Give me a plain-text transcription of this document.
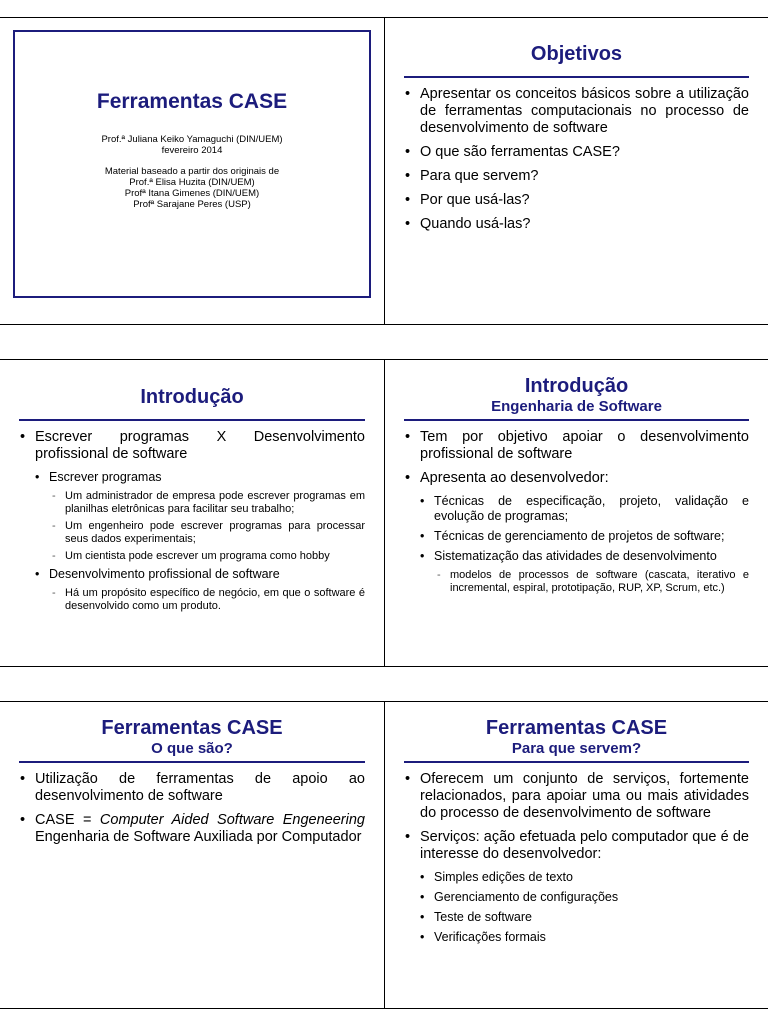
Ferramentas CASE
Prof.ª Juliana Keiko Yamaguchi (DIN/UEM)
fevereiro 2014
Material baseado a partir dos originais de
Prof.ª Elisa Huzita (DIN/UEM)
Profª Itana Gimenes (DIN/UEM)
Profª Sarajane Peres (USP)
Objetivos
• Apresentar os conceitos básicos sobre a utilização de ferramentas computacionais no processo de desenvolvimento de software
• O que são ferramentas CASE?
• Para que servem?
• Por que usá-las?
• Quando usá-las?
Introdução
• Escrever programas X Desenvolvimento profissional de software
• Escrever programas
- Um administrador de empresa pode escrever programas em planilhas eletrônicas para facilitar seu trabalho;
- Um engenheiro pode escrever programas para processar seus dados experimentais;
- Um cientista pode escrever um programa como hobby
• Desenvolvimento profissional de software
- Há um propósito específico de negócio, em que o software é desenvolvido como um produto.
Introdução
Engenharia de Software
• Tem por objetivo apoiar o desenvolvimento profissional de software
• Apresenta ao desenvolvedor:
• Técnicas de especificação, projeto, validação e evolução de programas;
• Técnicas de gerenciamento de projetos de software;
• Sistematização das atividades de desenvolvimento
- modelos de processos de software (cascata, iterativo e incremental, espiral, prototipação, RUP, XP, Scrum, etc.)
Ferramentas CASE
O que são?
• Utilização de ferramentas de apoio ao desenvolvimento de software
• CASE = Computer Aided Software Engeneering Engenharia de Software Auxiliada por Computador
Ferramentas CASE
Para que servem?
• Oferecem um conjunto de serviços, fortemente relacionados, para apoiar uma ou mais atividades do processo de desenvolvimento de software
• Serviços: ação efetuada pelo computador que é de interesse do desenvolvedor:
• Simples edições de texto
• Gerenciamento de configurações
• Teste de software
• Verificações formais
